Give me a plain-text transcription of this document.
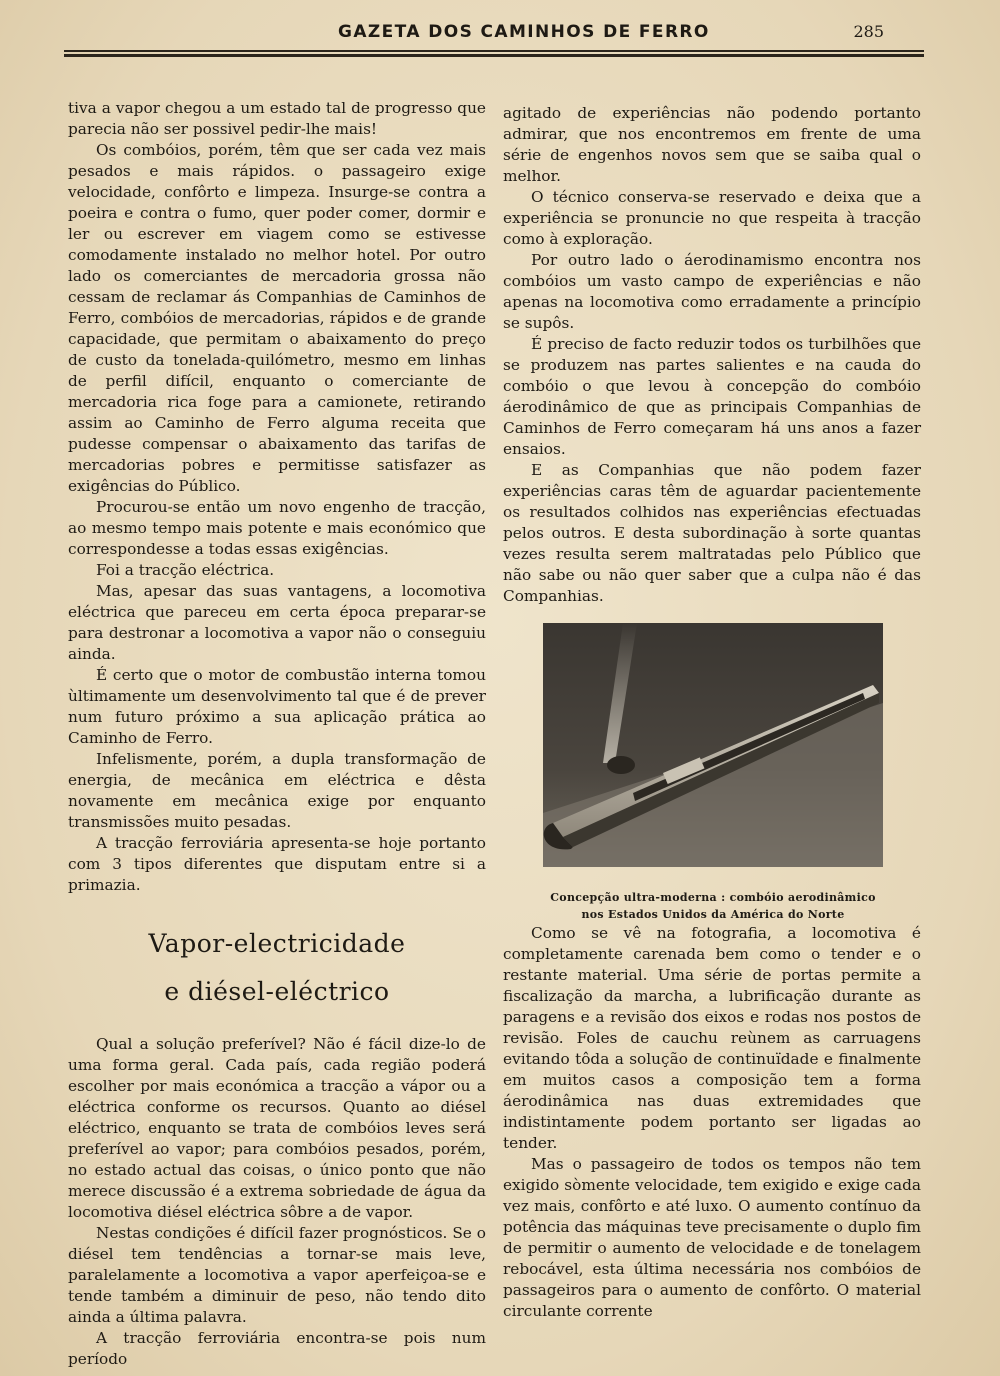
GAZETA DOS CAMINHOS DE FERRO	285

tiva a vapor chegou a um estado tal de progresso que parecia não ser possivel pedir-lhe mais!

Os combóios, porém, têm que ser cada vez mais pesados e mais rápidos. o passageiro exige velocidade, confôrto e limpeza. Insurge-se contra a poeira e contra o fumo, quer poder comer, dormir e ler ou escrever em viagem como se estivesse comodamente instalado no melhor hotel. Por outro lado os comerciantes de mercadoria grossa não cessam de reclamar ás Companhias de Caminhos de Ferro, combóios de mercadorias, rápidos e de grande capacidade, que permitam o abaixamento do preço de custo da tonelada-quilómetro, mesmo em linhas de perfil difícil, enquanto o comerciante de mercadoria rica foge para a camionete, retirando assim ao Caminho de Ferro alguma receita que pudesse compensar o abaixamento das tarifas de mercadorias pobres e permitisse satisfazer as exigências do Público.

Procurou-se então um novo engenho de tracção, ao mesmo tempo mais potente e mais económico que correspondesse a todas essas exigências.

Foi a tracção eléctrica.

Mas, apesar das suas vantagens, a locomotiva eléctrica que pareceu em certa época preparar-se para destronar a locomotiva a vapor não o conseguiu ainda.

É certo que o motor de combustão interna tomou ùltimamente um desenvolvimento tal que é de prever num futuro próximo a sua aplicação prática ao Caminho de Ferro.

Infelismente, porém, a dupla transformação de energia, de mecânica em eléctrica e dêsta novamente em mecânica exige por enquanto transmissões muito pesadas.

A tracção ferroviária apresenta-se hoje portanto com 3 tipos diferentes que disputam entre si a primazia.

Vapor-electricidade
e diésel-eléctrico

Qual a solução preferível? Não é fácil dize-lo de uma forma geral. Cada país, cada região poderá escolher por mais económica a tracção a vápor ou a eléctrica conforme os recursos. Quanto ao diésel eléctrico, enquanto se trata de combóios leves será preferível ao vapor; para combóios pesados, porém, no estado actual das coisas, o único ponto que não merece discussão é a extrema sobriedade de água da locomotiva diésel eléctrica sôbre a de vapor.

Nestas condições é difícil fazer prognósticos. Se o diésel tem tendências a tornar-se mais leve, paralelamente a locomotiva a vapor aperfeiçoa-se e tende também a diminuir de peso, não tendo dito ainda a última palavra.

A tracção ferroviária encontra-se pois num período

agitado de experiências não podendo portanto admirar, que nos encontremos em frente de uma série de engenhos novos sem que se saiba qual o melhor.

O técnico conserva-se reservado e deixa que a experiência se pronuncie no que respeita à tracção como à exploração.

Por outro lado o áerodinamismo encontra nos combóios um vasto campo de experiências e não apenas na locomotiva como erradamente a princípio se supôs.

É preciso de facto reduzir todos os turbilhões que se produzem nas partes salientes e na cauda do combóio o que levou à concepção do combóio áerodinâmico de que as principais Companhias de Caminhos de Ferro começaram há uns anos a fazer ensaios.

E as Companhias que não podem fazer experiências caras têm de aguardar pacientemente os resultados colhidos nas experiências efectuadas pelos outros. E desta subordinação à sorte quantas vezes resulta serem maltratadas pelo Público que não sabe ou não quer saber que a culpa não é das Companhias.

Concepção ultra-moderna : combóio aerodinâmico
nos Estados Unidos da América do Norte

Como se vê na fotografia, a locomotiva é completamente carenada bem como o tender e o restante material. Uma série de portas permite a fiscalização da marcha, a lubrificação durante as paragens e a revisão dos eixos e rodas nos postos de revisão. Foles de cauchu reùnem as carruagens evitando tôda a solução de continuïdade e finalmente em muitos casos a composição tem a forma áerodinâmica nas duas extremidades que indistintamente podem portanto ser ligadas ao tender.

Mas o passageiro de todos os tempos não tem exigido sòmente velocidade, tem exigido e exige cada vez mais, confôrto e até luxo. O aumento contínuo da potência das máquinas teve precisamente o duplo fim de permitir o aumento de velocidade e de tonelagem rebocável, esta última necessária nos combóios de passageiros para o aumento de confôrto. O material circulante corrente
